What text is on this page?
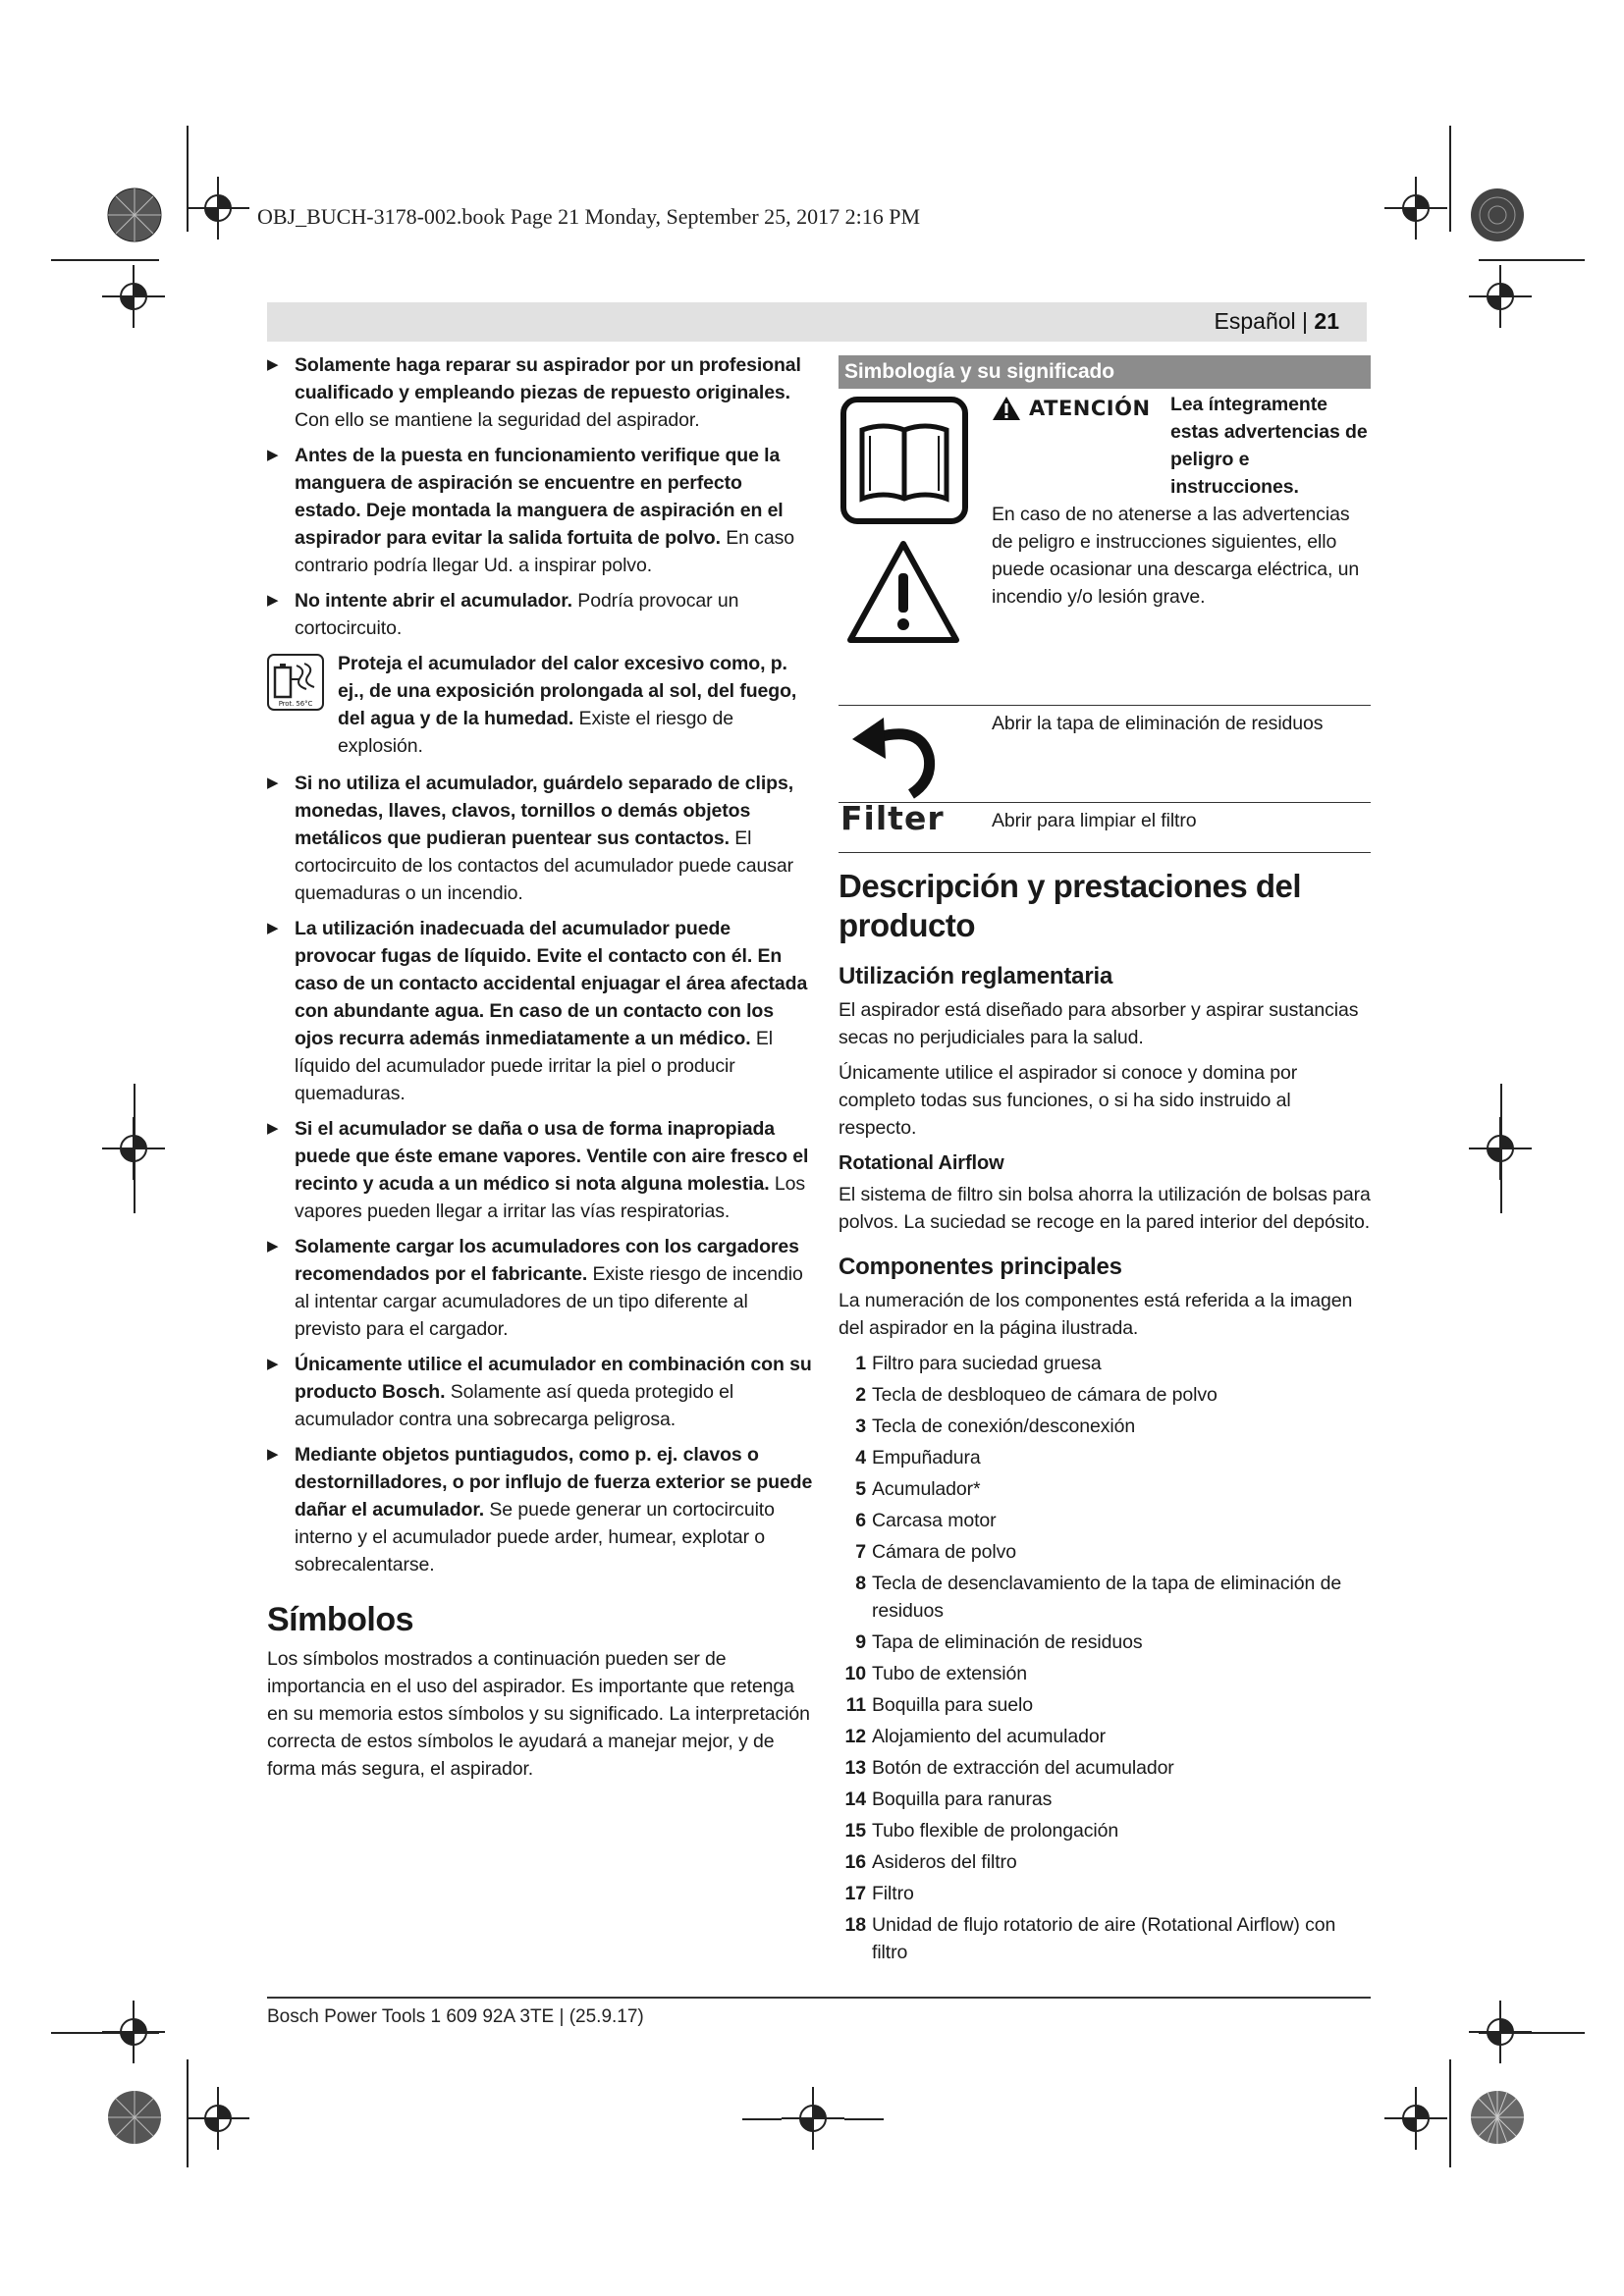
OBJ_BUCH-3178-002.book Page 21 Monday, September 25, 2017 2:16 PM
Español | 21
▶ Solamente haga reparar su aspirador por un profesional cualificado y empleando piezas de repuesto originales. Con ello se mantiene la seguridad del aspirador.
▶ Antes de la puesta en funcionamiento verifique que la manguera de aspiración se encuentre en perfecto estado. Deje montada la manguera de aspiración en el aspirador para evitar la salida fortuita de polvo. En caso contrario podría llegar Ud. a inspirar polvo.
▶ No intente abrir el acumulador. Podría provocar un cortocircuito.
Prot. 56°C
Proteja el acumulador del calor excesivo como, p. ej., de una exposición prolongada al sol, del fuego, del agua y de la humedad. Existe el riesgo de explosión.
▶ Si no utiliza el acumulador, guárdelo separado de clips, monedas, llaves, clavos, tornillos o demás objetos metálicos que pudieran puentear sus contactos. El cortocircuito de los contactos del acumulador puede causar quemaduras o un incendio.
▶ La utilización inadecuada del acumulador puede provocar fugas de líquido. Evite el contacto con él. En caso de un contacto accidental enjuagar el área afectada con abundante agua. En caso de un contacto con los ojos recurra además inmediatamente a un médico. El líquido del acumulador puede irritar la piel o producir quemaduras.
▶ Si el acumulador se daña o usa de forma inapropiada puede que éste emane vapores. Ventile con aire fresco el recinto y acuda a un médico si nota alguna molestia. Los vapores pueden llegar a irritar las vías respiratorias.
▶ Solamente cargar los acumuladores con los cargadores recomendados por el fabricante. Existe riesgo de incendio al intentar cargar acumuladores de un tipo diferente al previsto para el cargador.
▶ Únicamente utilice el acumulador en combinación con su producto Bosch. Solamente así queda protegido el acumulador contra una sobrecarga peligrosa.
▶ Mediante objetos puntiagudos, como p. ej. clavos o destornilladores, o por influjo de fuerza exterior se puede dañar el acumulador. Se puede generar un cortocircuito interno y el acumulador puede arder, humear, explotar o sobrecalentarse.
Símbolos
Los símbolos mostrados a continuación pueden ser de importancia en el uso del aspirador. Es importante que retenga en su memoria estos símbolos y su significado. La interpretación correcta de estos símbolos le ayudará a manejar mejor, y de forma más segura, el aspirador.
Simbología y su significado
ATENCIÓN Lea íntegramente estas advertencias de peligro e instrucciones.
En caso de no atenerse a las advertencias de peligro e instrucciones siguientes, ello puede ocasionar una descarga eléctrica, un incendio y/o lesión grave.
Abrir la tapa de eliminación de residuos
Filter Abrir para limpiar el filtro
Descripción y prestaciones del producto
Utilización reglamentaria
El aspirador está diseñado para absorber y aspirar sustancias secas no perjudiciales para la salud.
Únicamente utilice el aspirador si conoce y domina por completo todas sus funciones, o si ha sido instruido al respecto.
Rotational Airflow
El sistema de filtro sin bolsa ahorra la utilización de bolsas para polvos. La suciedad se recoge en la pared interior del depósito.
Componentes principales
La numeración de los componentes está referida a la imagen del aspirador en la página ilustrada.
1 Filtro para suciedad gruesa
2 Tecla de desbloqueo de cámara de polvo
3 Tecla de conexión/desconexión
4 Empuñadura
5 Acumulador*
6 Carcasa motor
7 Cámara de polvo
8 Tecla de desenclavamiento de la tapa de eliminación de residuos
9 Tapa de eliminación de residuos
10 Tubo de extensión
11 Boquilla para suelo
12 Alojamiento del acumulador
13 Botón de extracción del acumulador
14 Boquilla para ranuras
15 Tubo flexible de prolongación
16 Asideros del filtro
17 Filtro
18 Unidad de flujo rotatorio de aire (Rotational Airflow) con filtro
Bosch Power Tools 1 609 92A 3TE | (25.9.17)
